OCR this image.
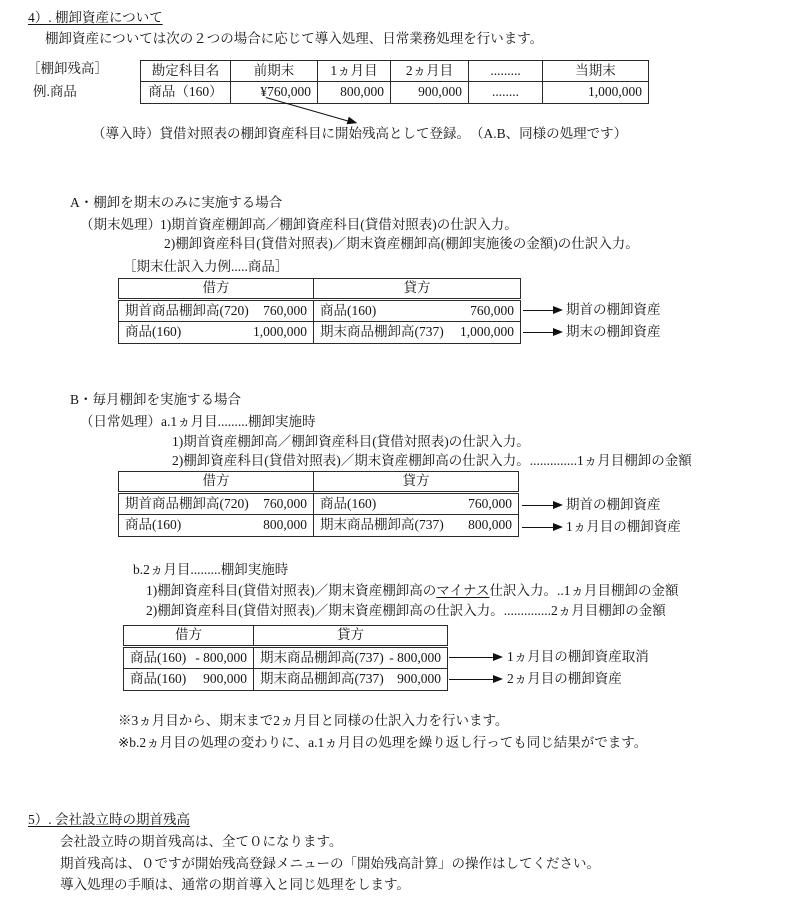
4）. 棚卸資産について
棚卸資産については次の２つの場合に応じて導入処理、日常業務処理を行います。
［棚卸残高］
例.商品
勘定科目名	前期末	1ヵ月目	2ヵ月目	.........	当期末
商品（160）	¥760,000	800,000	900,000	........	1,000,000
（導入時）貸借対照表の棚卸資産科目に開始残高として登録。　（A.B、同様の処理です）
A・棚卸を期末のみに実施する場合
（期末処理） 1)期首資産棚卸高／棚卸資産科目(貸借対照表)の仕訳入力。
2)棚卸資産科目(貸借対照表)／期末資産棚卸高(棚卸実施後の金額)の仕訳入力。
［期末仕訳入力例.....商品］
借方	貸方

期首商品棚卸高(720) 760,000	商品(160) 760,000

商品(160) 1,000,000	期末商品棚卸高(737) 1,000,000
期首の棚卸資産
期末の棚卸資産
B・毎月棚卸を実施する場合
（日常処理） a.1ヵ月目.........棚卸実施時
1)期首資産棚卸高／棚卸資産科目(貸借対照表)の仕訳入力。
2)棚卸資産科目(貸借対照表)／期末資産棚卸高の仕訳入力。..............1ヵ月目棚卸の金額
借方	貸方

期首商品棚卸高(720) 760,000	商品(160) 760,000

商品(160) 800,000	期末商品棚卸高(737) 800,000
期首の棚卸資産
1ヵ月目の棚卸資産
b.2ヵ月目.........棚卸実施時
1)棚卸資産科目(貸借対照表)／期末資産棚卸高のマイナス仕訳入力。..1ヵ月目棚卸の金額
2)棚卸資産科目(貸借対照表)／期末資産棚卸高の仕訳入力。..............2ヵ月目棚卸の金額
借方	貸方

商品(160) - 800,000	期末商品棚卸高(737) - 800,000

商品(160) 900,000	期末商品棚卸高(737) 900,000
1ヵ月目の棚卸資産取消
2ヵ月目の棚卸資産
※3ヵ月目から、期末まで2ヵ月目と同様の仕訳入力を行います。
※b.2ヵ月目の処理の変わりに、a.1ヵ月目の処理を繰り返し行っても同じ結果がでます。
5）. 会社設立時の期首残高
会社設立時の期首残高は、全て０になります。
期首残高は、０ですが開始残高登録メニューの「開始残高計算」の操作はしてください。
導入処理の手順は、通常の期首導入と同じ処理をします。
